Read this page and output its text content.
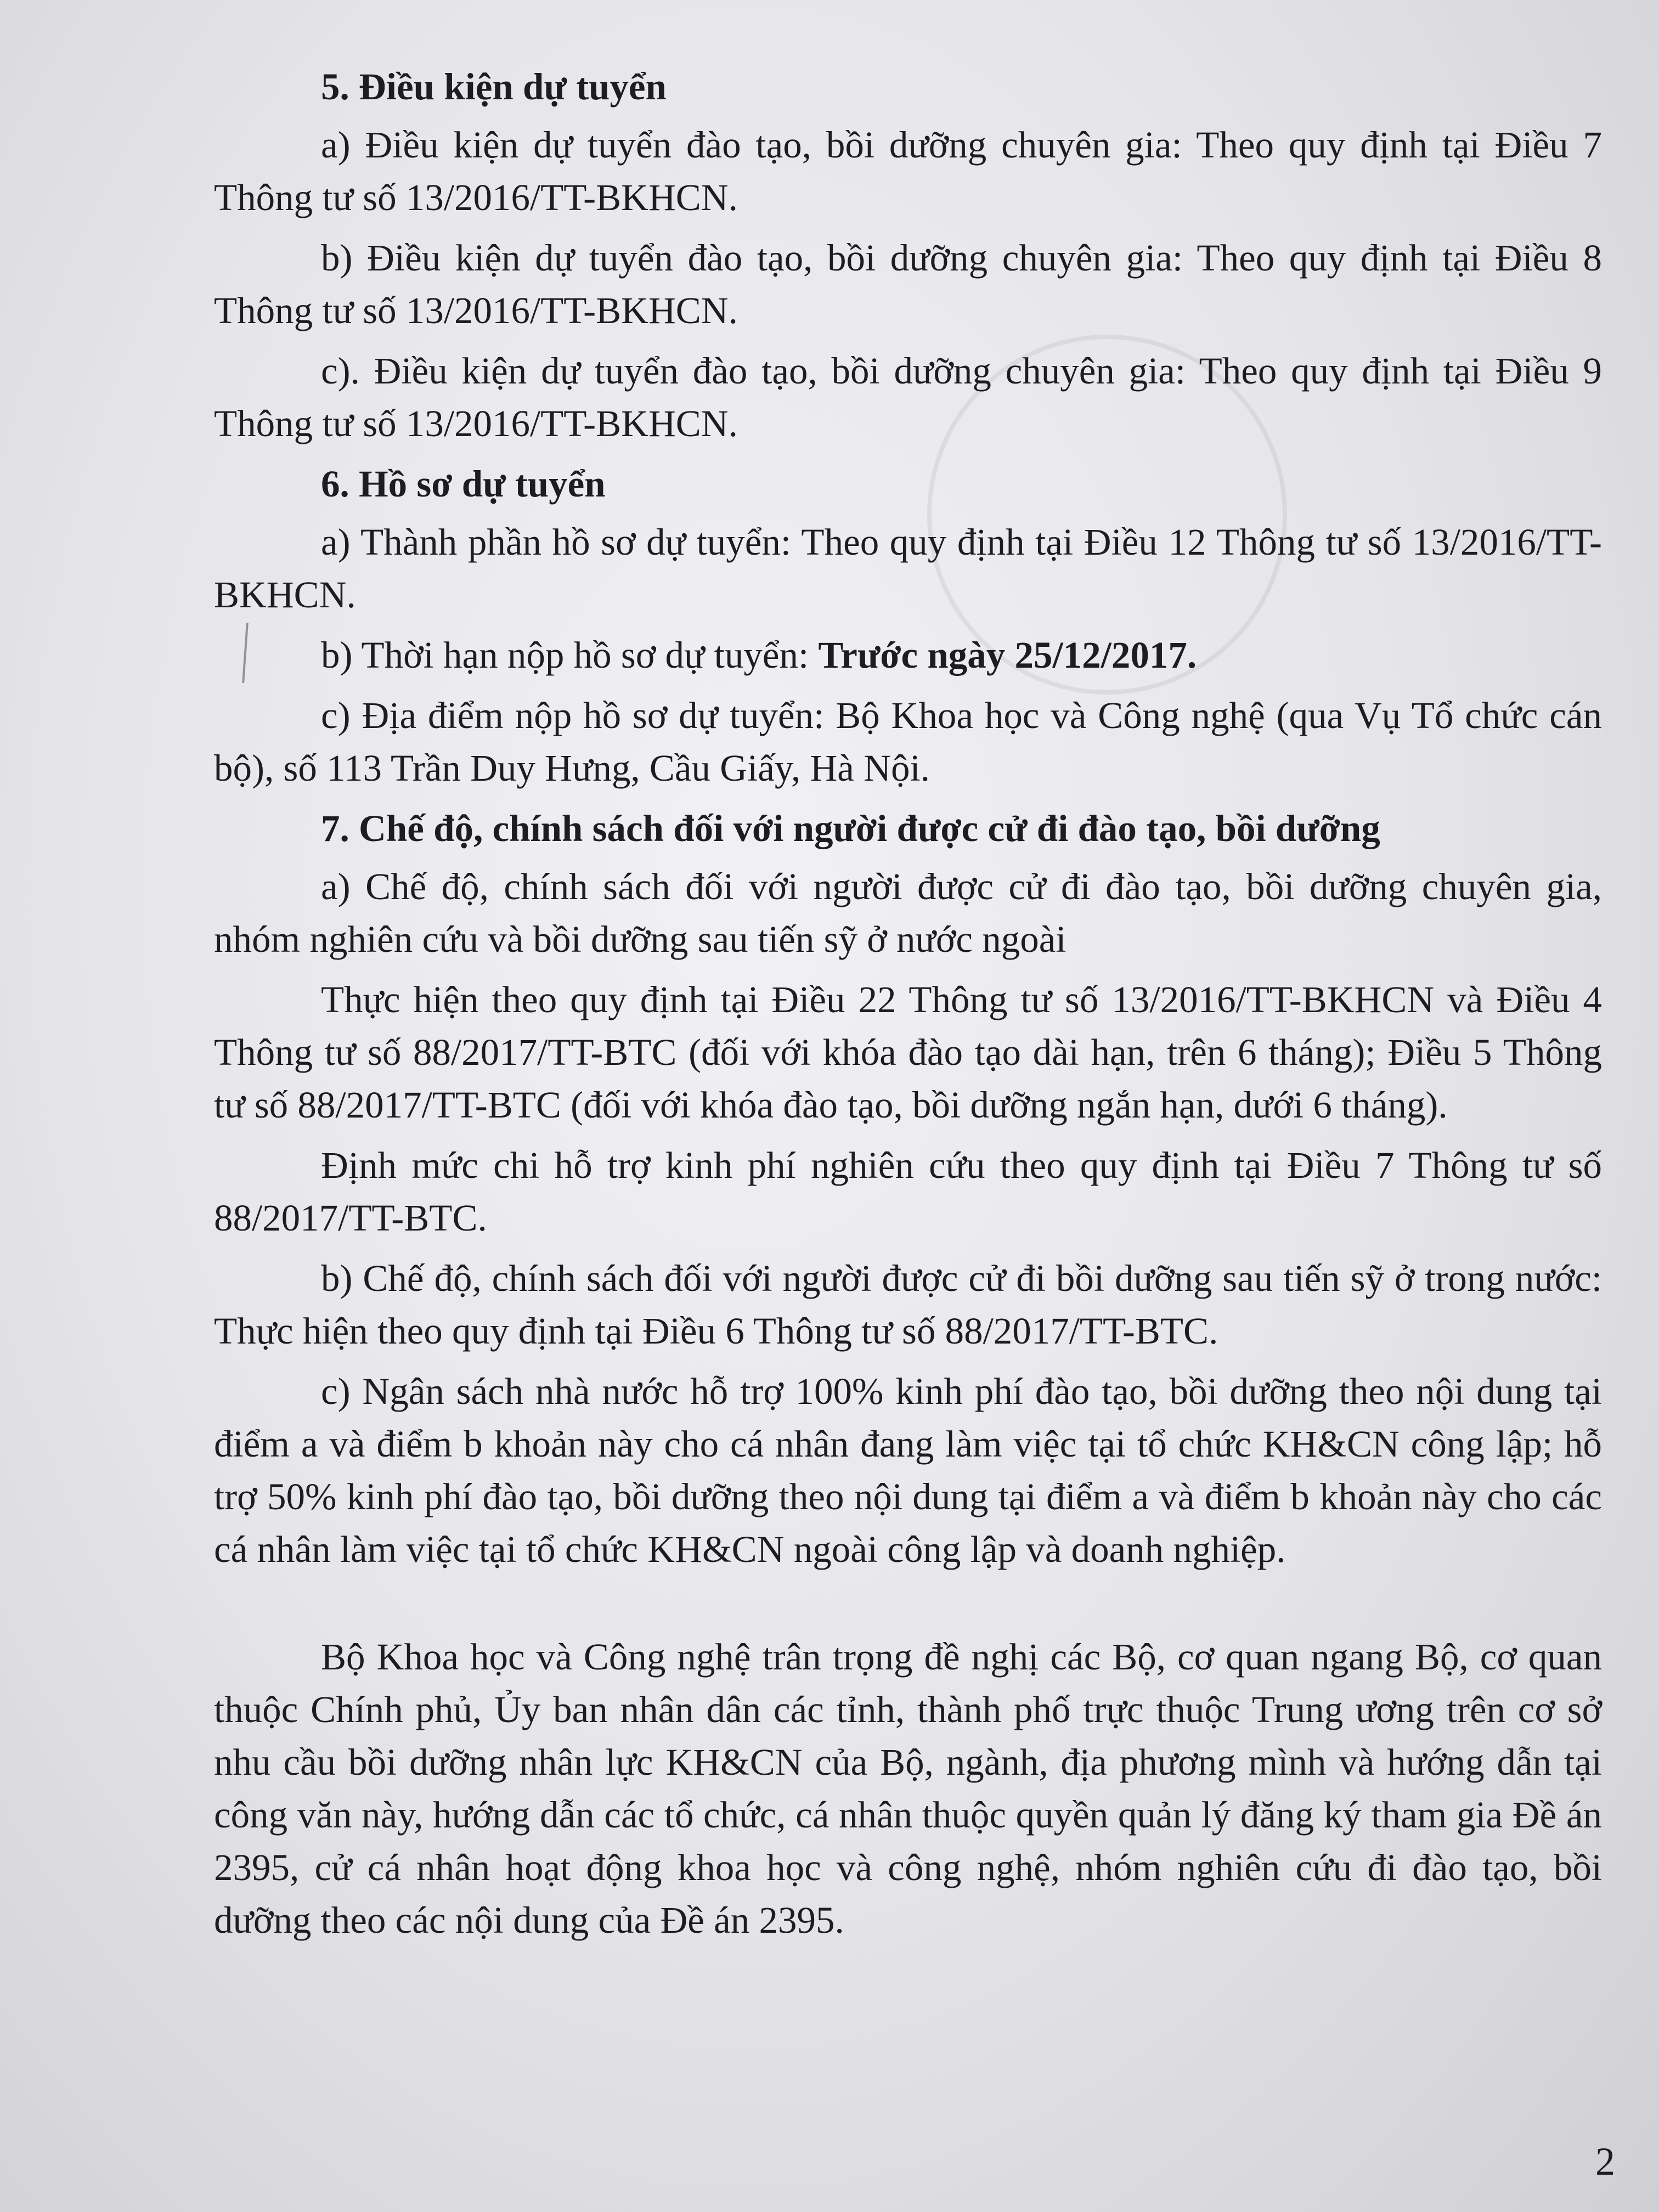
5. Điều kiện dự tuyển

a) Điều kiện dự tuyển đào tạo, bồi dưỡng chuyên gia: Theo quy định tại Điều 7 Thông tư số 13/2016/TT-BKHCN.

b) Điều kiện dự tuyển đào tạo, bồi dưỡng chuyên gia: Theo quy định tại Điều 8 Thông tư số 13/2016/TT-BKHCN.

c). Điều kiện dự tuyển đào tạo, bồi dưỡng chuyên gia: Theo quy định tại Điều 9 Thông tư số 13/2016/TT-BKHCN.

6. Hồ sơ dự tuyển

a) Thành phần hồ sơ dự tuyển: Theo quy định tại Điều 12 Thông tư số 13/2016/TT-BKHCN.

b) Thời hạn nộp hồ sơ dự tuyển: Trước ngày 25/12/2017.

c) Địa điểm nộp hồ sơ dự tuyển: Bộ Khoa học và Công nghệ (qua Vụ Tổ chức cán bộ), số 113 Trần Duy Hưng, Cầu Giấy, Hà Nội.

7. Chế độ, chính sách đối với người được cử đi đào tạo, bồi dưỡng

a) Chế độ, chính sách đối với người được cử đi đào tạo, bồi dưỡng chuyên gia, nhóm nghiên cứu và bồi dưỡng sau tiến sỹ ở nước ngoài

Thực hiện theo quy định tại Điều 22 Thông tư số 13/2016/TT-BKHCN và Điều 4 Thông tư số 88/2017/TT-BTC (đối với khóa đào tạo dài hạn, trên 6 tháng); Điều 5 Thông tư số 88/2017/TT-BTC (đối với khóa đào tạo, bồi dưỡng ngắn hạn, dưới 6 tháng).

Định mức chi hỗ trợ kinh phí nghiên cứu theo quy định tại Điều 7 Thông tư số 88/2017/TT-BTC.

b) Chế độ, chính sách đối với người được cử đi bồi dưỡng sau tiến sỹ ở trong nước: Thực hiện theo quy định tại Điều 6 Thông tư số 88/2017/TT-BTC.

c) Ngân sách nhà nước hỗ trợ 100% kinh phí đào tạo, bồi dưỡng theo nội dung tại điểm a và điểm b khoản này cho cá nhân đang làm việc tại tổ chức KH&CN công lập; hỗ trợ 50% kinh phí đào tạo, bồi dưỡng theo nội dung tại điểm a và điểm b khoản này cho các cá nhân làm việc tại tổ chức KH&CN ngoài công lập và doanh nghiệp.

Bộ Khoa học và Công nghệ trân trọng đề nghị các Bộ, cơ quan ngang Bộ, cơ quan thuộc Chính phủ, Ủy ban nhân dân các tỉnh, thành phố trực thuộc Trung ương trên cơ sở nhu cầu bồi dưỡng nhân lực KH&CN của Bộ, ngành, địa phương mình và hướng dẫn tại công văn này, hướng dẫn các tổ chức, cá nhân thuộc quyền quản lý đăng ký tham gia Đề án 2395, cử cá nhân hoạt động khoa học và công nghệ, nhóm nghiên cứu đi đào tạo, bồi dưỡng theo các nội dung của Đề án 2395.

2
